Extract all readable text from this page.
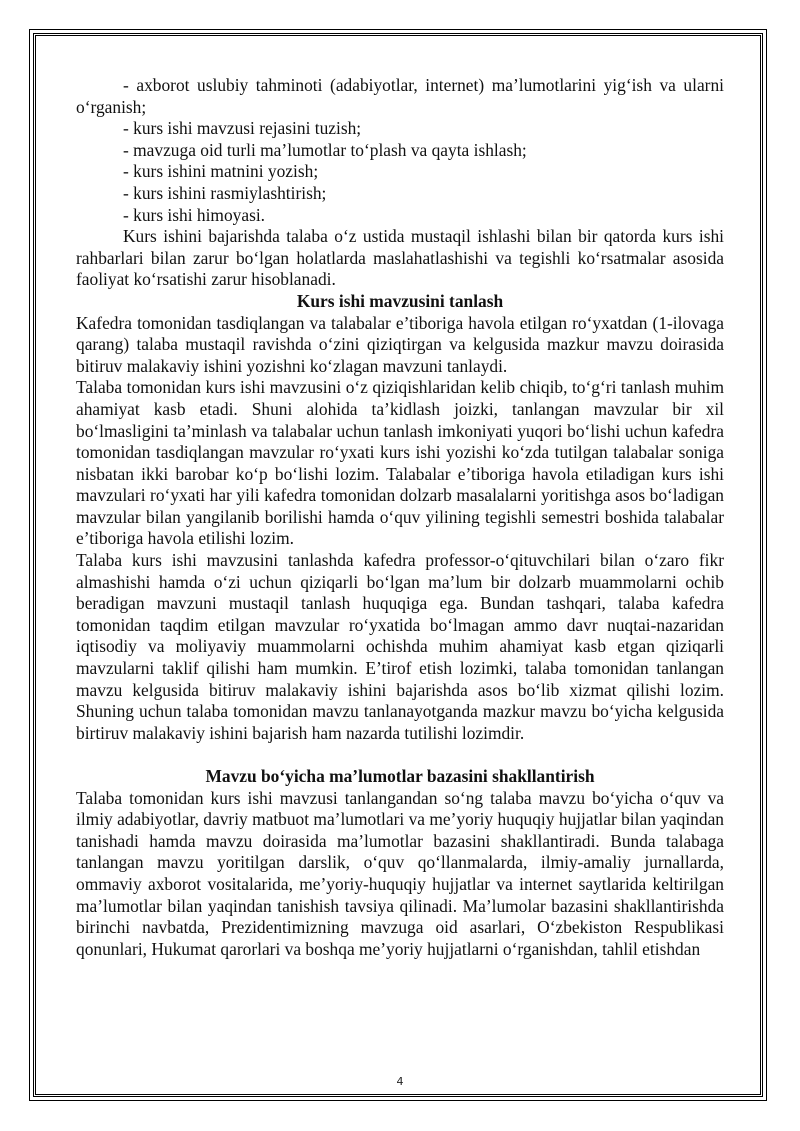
- axborot uslubiy tahminoti (adabiyotlar, internet) ma’lumotlarini yig‘ish va ularni o‘rganish;

- kurs ishi mavzusi rejasini tuzish;

- mavzuga oid turli ma’lumotlar to‘plash va qayta ishlash;

- kurs ishini matnini yozish;

- kurs ishini rasmiylashtirish;

- kurs ishi himoyasi.

Kurs ishini bajarishda talaba o‘z ustida mustaqil ishlashi bilan bir qatorda kurs ishi rahbarlari bilan zarur bo‘lgan holatlarda maslahatlashishi va tegishli ko‘rsatmalar asosida faoliyat ko‘rsatishi zarur hisoblanadi.

Kurs ishi mavzusini tanlash

Kafedra tomonidan tasdiqlangan va talabalar e’tiboriga havola etilgan ro‘yxatdan (1-ilovaga qarang) talaba mustaqil ravishda o‘zini qiziqtirgan va kelgusida mazkur mavzu doirasida bitiruv malakaviy ishini yozishni ko‘zlagan mavzuni tanlaydi.

Talaba tomonidan kurs ishi mavzusini o‘z qiziqishlaridan kelib chiqib, to‘g‘ri tanlash muhim ahamiyat kasb etadi. Shuni alohida ta’kidlash joizki, tanlangan mavzular bir xil bo‘lmasligini ta’minlash va talabalar uchun tanlash imkoniyati yuqori bo‘lishi uchun kafedra tomonidan tasdiqlangan mavzular ro‘yxati kurs ishi yozishi ko‘zda tutilgan talabalar soniga nisbatan ikki barobar ko‘p bo‘lishi lozim. Talabalar e’tiboriga havola etiladigan kurs ishi mavzulari ro‘yxati har yili kafedra tomonidan dolzarb masalalarni yoritishga asos bo‘ladigan mavzular bilan yangilanib borilishi hamda o‘quv yilining tegishli semestri boshida talabalar e’tiboriga havola etilishi lozim.

Talaba kurs ishi mavzusini tanlashda kafedra professor-o‘qituvchilari bilan o‘zaro fikr almashishi hamda o‘zi uchun qiziqarli bo‘lgan ma’lum bir dolzarb muammolarni ochib beradigan mavzuni mustaqil tanlash huquqiga ega. Bundan tashqari, talaba kafedra tomonidan taqdim etilgan mavzular ro‘yxatida bo‘lmagan ammo davr nuqtai-nazaridan iqtisodiy va moliyaviy muammolarni ochishda muhim ahamiyat kasb etgan qiziqarli mavzularni taklif qilishi ham mumkin. E’tirof etish lozimki, talaba tomonidan tanlangan mavzu kelgusida bitiruv malakaviy ishini bajarishda asos bo‘lib xizmat qilishi lozim. Shuning uchun talaba tomonidan mavzu tanlanayotganda mazkur mavzu bo‘yicha kelgusida birtiruv malakaviy ishini bajarish ham nazarda tutilishi lozimdir.

Mavzu bo‘yicha ma’lumotlar bazasini shakllantirish

Talaba tomonidan kurs ishi mavzusi tanlangandan so‘ng talaba mavzu bo‘yicha o‘quv va ilmiy adabiyotlar, davriy matbuot ma’lumotlari va me’yoriy huquqiy hujjatlar bilan yaqindan tanishadi hamda mavzu doirasida ma’lumotlar bazasini shakllantiradi. Bunda talabaga tanlangan mavzu yoritilgan darslik, o‘quv qo‘llanmalarda, ilmiy-amaliy jurnallarda, ommaviy axborot vositalarida, me’yoriy-huquqiy hujjatlar va internet saytlarida keltirilgan ma’lumotlar bilan yaqindan tanishish tavsiya qilinadi. Ma’lumolar bazasini shakllantirishda birinchi navbatda, Prezidentimizning mavzuga oid asarlari, O‘zbekiston Respublikasi qonunlari, Hukumat qarorlari va boshqa me’yoriy hujjatlarni o‘rganishdan, tahlil etishdan

4
